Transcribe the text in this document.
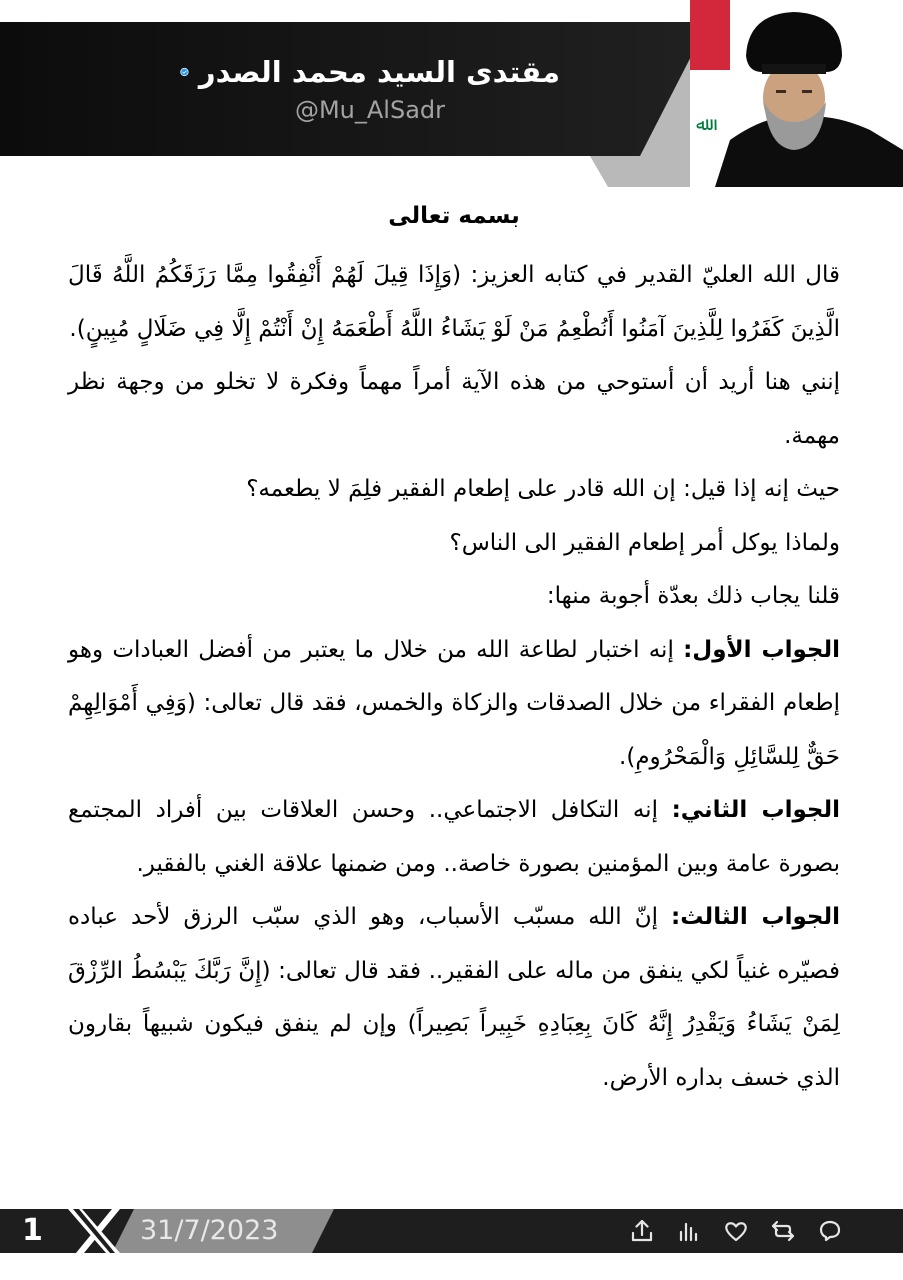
مقتدى السيد محمد الصدر
@Mu_AlSadr
ﷲ

بسمه تعالى

قال الله العليّ القدير في كتابه العزيز: (وَإِذَا قِيلَ لَهُمْ أَنْفِقُوا مِمَّا رَزَقَكُمُ اللَّهُ قَالَ الَّذِينَ كَفَرُوا لِلَّذِينَ آمَنُوا أَنُطْعِمُ مَنْ لَوْ يَشَاءُ اللَّهُ أَطْعَمَهُ إِنْ أَنْتُمْ إِلَّا فِي ضَلَالٍ مُبِينٍ).

إنني هنا أريد أن أستوحي من هذه الآية أمراً مهماً وفكرة لا تخلو من وجهة نظر مهمة.

حيث إنه إذا قيل: إن الله قادر على إطعام الفقير فلِمَ لا يطعمه؟

ولماذا يوكل أمر إطعام الفقير الى الناس؟

قلنا يجاب ذلك بعدّة أجوبة منها:

الجواب الأول: إنه اختبار لطاعة الله من خلال ما يعتبر من أفضل العبادات وهو إطعام الفقراء من خلال الصدقات والزكاة والخمس، فقد قال تعالى: (وَفِي أَمْوَالِهِمْ حَقٌّ لِلسَّائِلِ وَالْمَحْرُومِ).

الجواب الثاني: إنه التكافل الاجتماعي.. وحسن العلاقات بين أفراد المجتمع بصورة عامة وبين المؤمنين بصورة خاصة.. ومن ضمنها علاقة الغني بالفقير.

الجواب الثالث: إنّ الله مسبّب الأسباب، وهو الذي سبّب الرزق لأحد عباده فصيّره غنياً لكي ينفق من ماله على الفقير.. فقد قال تعالى: (إِنَّ رَبَّكَ يَبْسُطُ الرِّزْقَ لِمَنْ يَشَاءُ وَيَقْدِرُ إِنَّهُ كَانَ بِعِبَادِهِ خَبِيراً بَصِيراً) وإن لم ينفق فيكون شبيهاً بقارون الذي خسف بداره الأرض.

1	31/7/2023
